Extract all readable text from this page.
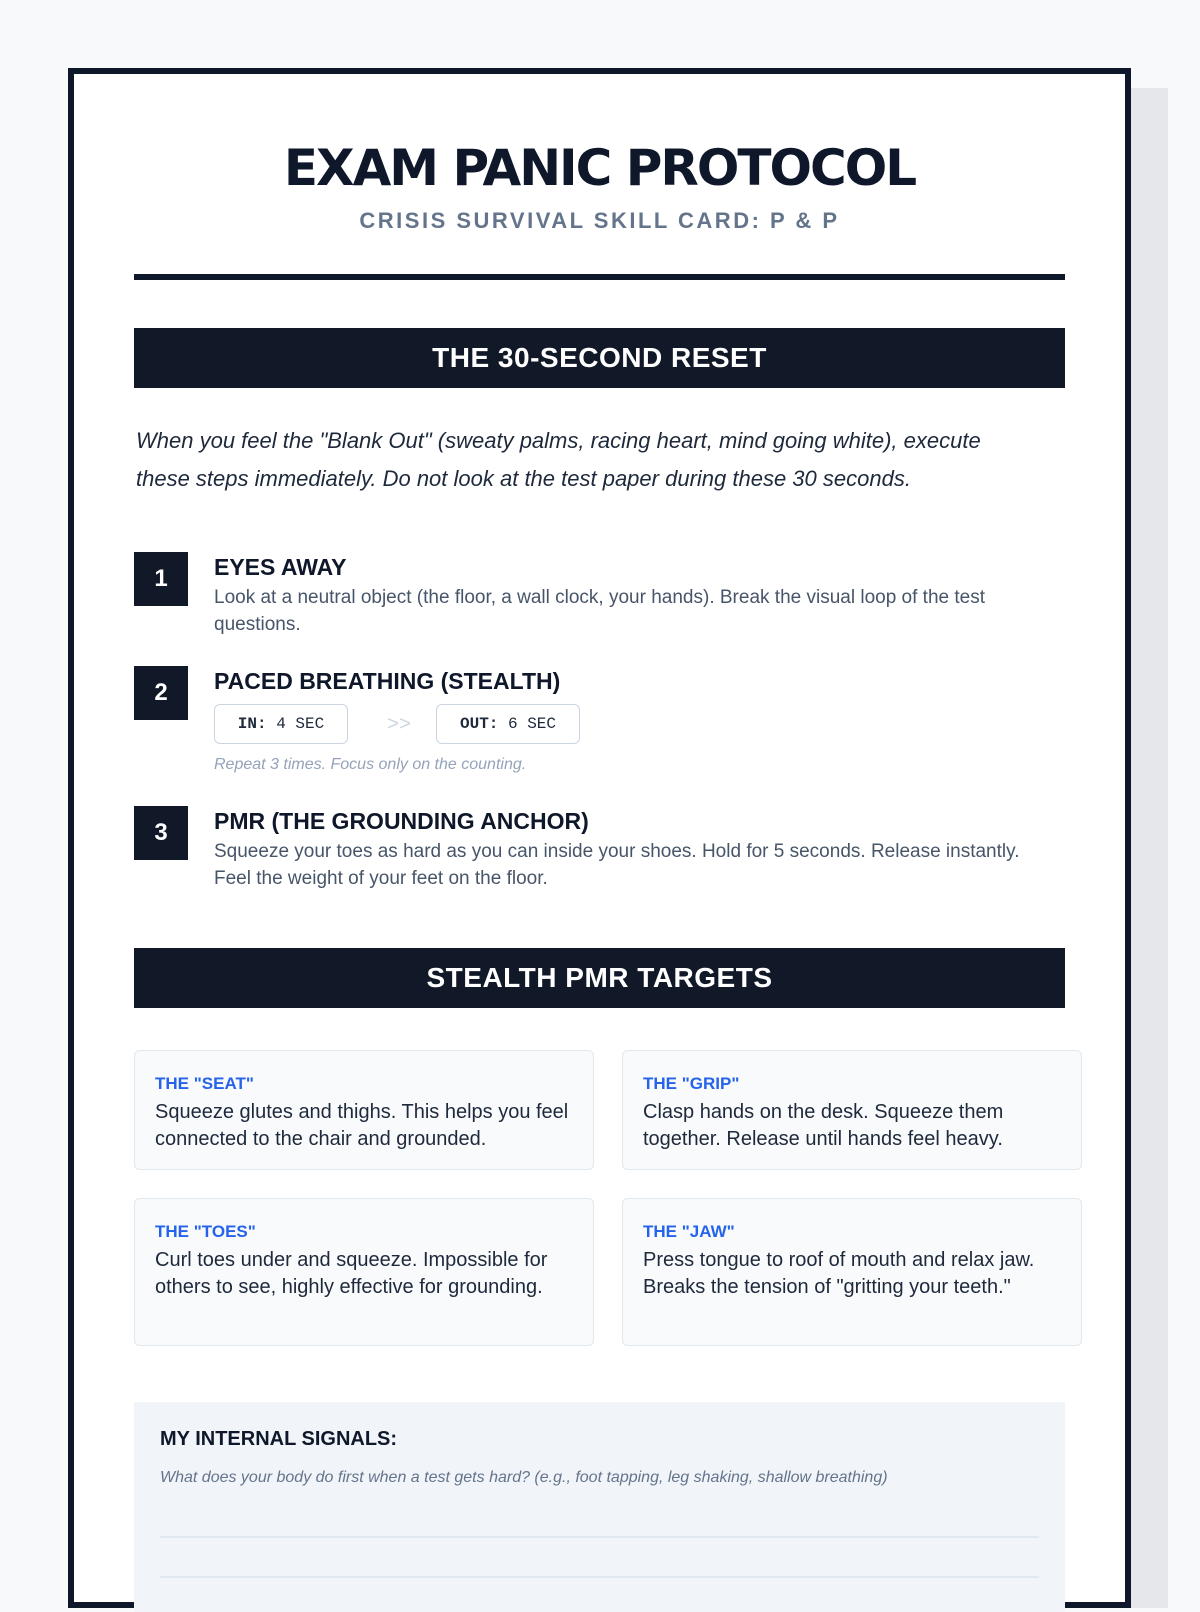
EXAM PANIC PROTOCOL
CRISIS SURVIVAL SKILL CARD: P & P
THE 30-SECOND RESET
When you feel the "Blank Out" (sweaty palms, racing heart, mind going white), execute these steps immediately. Do not look at the test paper during these 30 seconds.
1	EYES AWAY
Look at a neutral object (the floor, a wall clock, your hands). Break the visual loop of the test questions.
2	PACED BREATHING (STEALTH)
IN: 4 SEC	>>	OUT: 6 SEC
Repeat 3 times. Focus only on the counting.
3	PMR (THE GROUNDING ANCHOR)
Squeeze your toes as hard as you can inside your shoes. Hold for 5 seconds. Release instantly. Feel the weight of your feet on the floor.
STEALTH PMR TARGETS
THE "SEAT"
Squeeze glutes and thighs. This helps you feel connected to the chair and grounded.
THE "GRIP"
Clasp hands on the desk. Squeeze them together. Release until hands feel heavy.
THE "TOES"
Curl toes under and squeeze. Impossible for others to see, highly effective for grounding.
THE "JAW"
Press tongue to roof of mouth and relax jaw. Breaks the tension of "gritting your teeth."
MY INTERNAL SIGNALS:
What does your body do first when a test gets hard? (e.g., foot tapping, leg shaking, shallow breathing)
